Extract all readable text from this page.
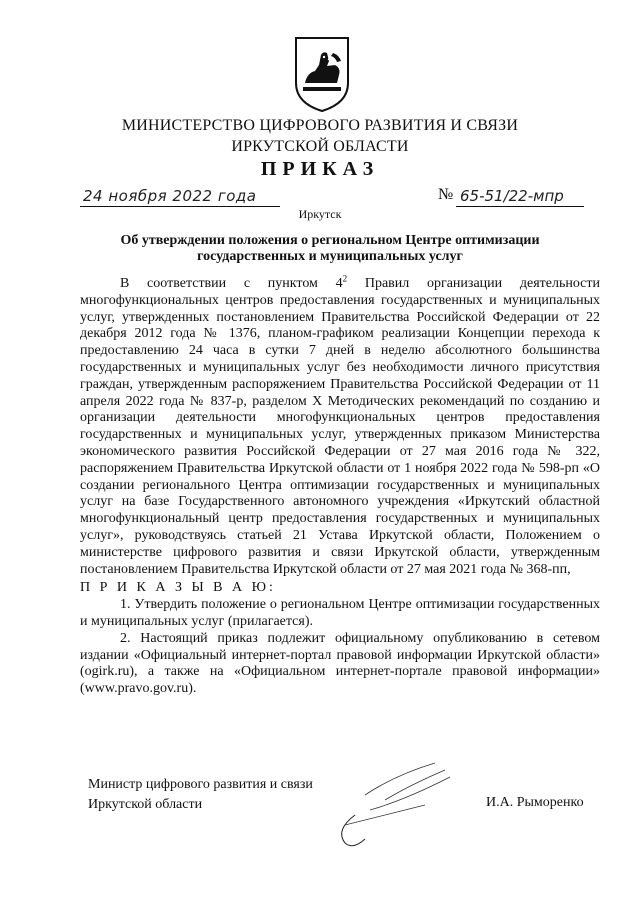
МИНИСТЕРСТВО ЦИФРОВОГО РАЗВИТИЯ И СВЯЗИ
ИРКУТСКОЙ ОБЛАСТИ
ПРИКАЗ
24 ноября 2022 года	№ 65-51/22-мпр
Иркутск
Об утверждении положения о региональном Центре оптимизации
государственных и муниципальных услуг

В соответствии с пунктом $4^2$ Правил организации деятельности многофункциональных центров предоставления государственных и муниципальных услуг, утвержденных постановлением Правительства Российской Федерации от 22 декабря 2012 года № 1376, планом-графиком реализации Концепции перехода к предоставлению 24 часа в сутки 7 дней в неделю абсолютного большинства государственных и муниципальных услуг без необходимости личного присутствия граждан, утвержденным распоряжением Правительства Российской Федерации от 11 апреля 2022 года № 837-р, разделом X Методических рекомендаций по созданию и организации деятельности многофункциональных центров предоставления государственных и муниципальных услуг, утвержденных приказом Министерства экономического развития Российской Федерации от 27 мая 2016 года № 322, распоряжением Правительства Иркутской области от 1 ноября 2022 года № 598-рп «О создании регионального Центра оптимизации государственных и муниципальных услуг на базе Государственного автономного учреждения «Иркутский областной многофункциональный центр предоставления государственных и муниципальных услуг», руководствуясь статьей 21 Устава Иркутской области, Положением о министерстве цифрового развития и связи Иркутской области, утвержденным постановлением Правительства Иркутской области от 27 мая 2021 года № 368-пп,

П Р И К А З Ы В А Ю:

1. Утвердить положение о региональном Центре оптимизации государственных и муниципальных услуг (прилагается).

2. Настоящий приказ подлежит официальному опубликованию в сетевом издании «Официальный интернет-портал правовой информации Иркутской области» (ogirk.ru), а также на «Официальном интернет-портале правовой информации» (www.pravo.gov.ru).

Министр цифрового развития и связи
Иркутской области	И.А. Рыморенко
